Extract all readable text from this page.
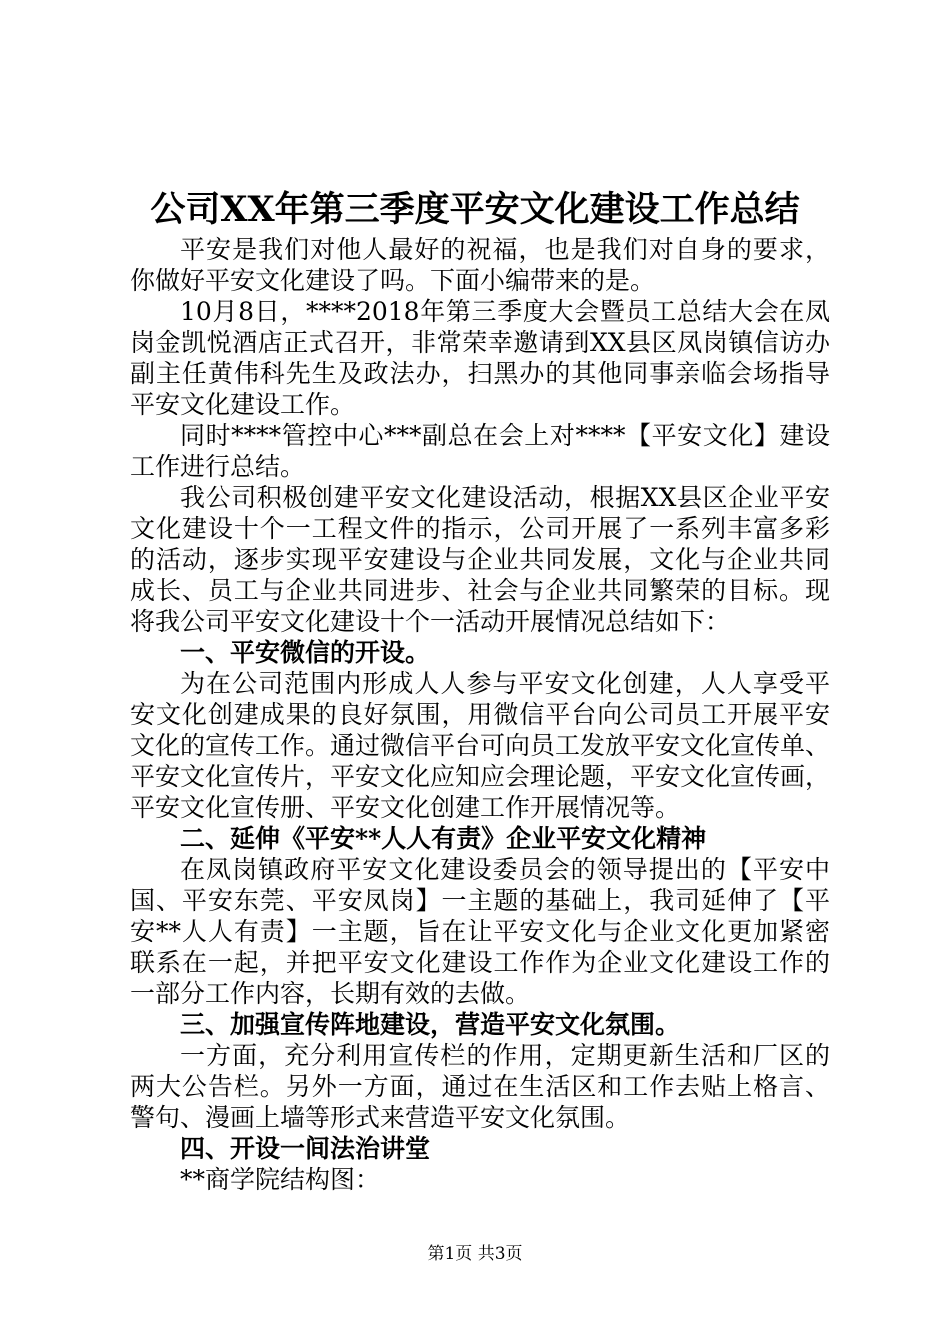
公司XX年第三季度平安文化建设工作总结
平安是我们对他人最好的祝福，也是我们对自身的要求，
你做好平安文化建设了吗。下面小编带来的是。
10月8日，****2018年第三季度大会暨员工总结大会在凤
岗金凯悦酒店正式召开，非常荣幸邀请到XX县区凤岗镇信访办
副主任黄伟科先生及政法办，扫黑办的其他同事亲临会场指导
平安文化建设工作。
同时****管控中心***副总在会上对****【平安文化】建设
工作进行总结。
我公司积极创建平安文化建设活动，根据XX县区企业平安
文化建设十个一工程文件的指示，公司开展了一系列丰富多彩
的活动，逐步实现平安建设与企业共同发展，文化与企业共同
成长、员工与企业共同进步、社会与企业共同繁荣的目标。现
将我公司平安文化建设十个一活动开展情况总结如下：
一、平安微信的开设。
为在公司范围内形成人人参与平安文化创建，人人享受平
安文化创建成果的良好氛围，用微信平台向公司员工开展平安
文化的宣传工作。通过微信平台可向员工发放平安文化宣传单、
平安文化宣传片，平安文化应知应会理论题，平安文化宣传画，
平安文化宣传册、平安文化创建工作开展情况等。
二、延伸《平安**人人有责》企业平安文化精神
在凤岗镇政府平安文化建设委员会的领导提出的【平安中
国、平安东莞、平安凤岗】一主题的基础上，我司延伸了【平
安**人人有责】一主题，旨在让平安文化与企业文化更加紧密
联系在一起，并把平安文化建设工作作为企业文化建设工作的
一部分工作内容，长期有效的去做。
三、加强宣传阵地建设，营造平安文化氛围。
一方面，充分利用宣传栏的作用，定期更新生活和厂区的
两大公告栏。另外一方面，通过在生活区和工作去贴上格言、
警句、漫画上墙等形式来营造平安文化氛围。
四、开设一间法治讲堂
**商学院结构图：
第1页 共3页
